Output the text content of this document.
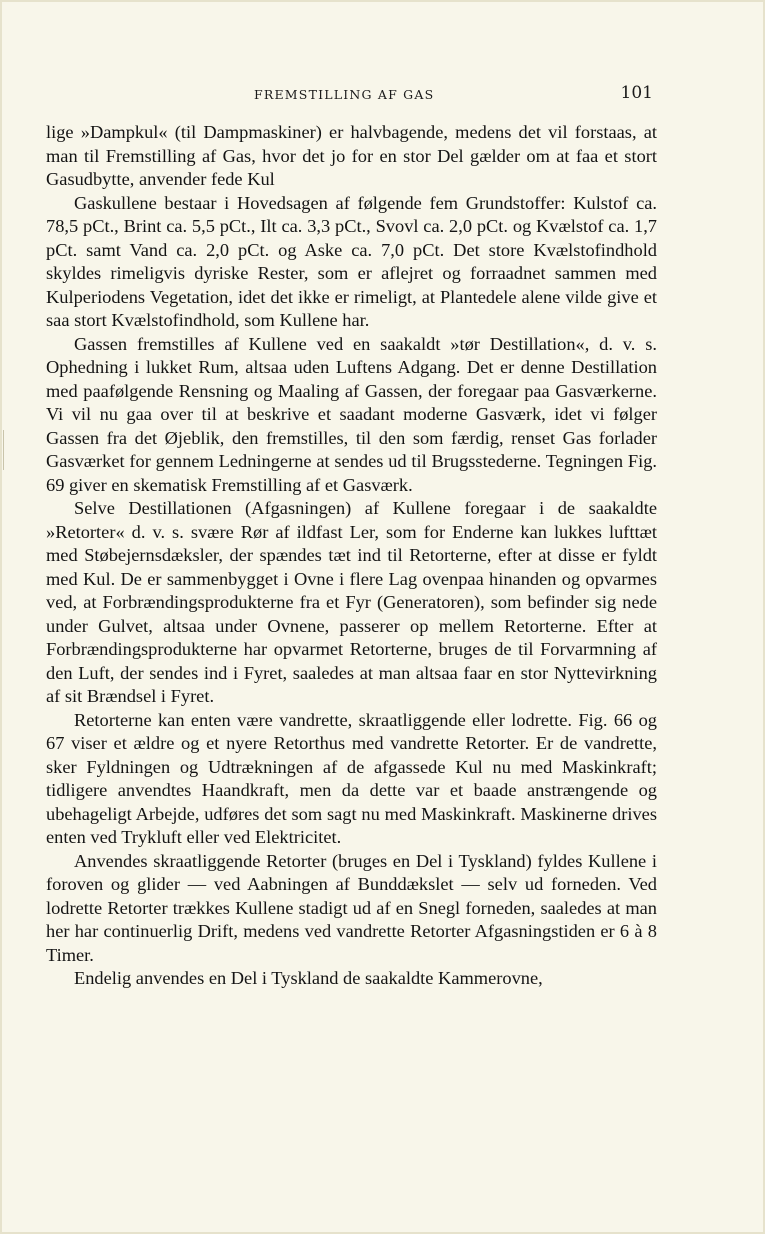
FREMSTILLING AF GAS	101

lige »Dampkul« (til Dampmaskiner) er halvbagende, medens det vil forstaas, at man til Fremstilling af Gas, hvor det jo for en stor Del gælder om at faa et stort Gasudbytte, anvender fede Kul

Gaskullene bestaar i Hovedsagen af følgende fem Grundstoffer: Kulstof ca. 78,5 pCt., Brint ca. 5,5 pCt., Ilt ca. 3,3 pCt., Svovl ca. 2,0 pCt. og Kvælstof ca. 1,7 pCt. samt Vand ca. 2,0 pCt. og Aske ca. 7,0 pCt. Det store Kvælstofindhold skyldes rimeligvis dyriske Rester, som er aflejret og forraadnet sammen med Kulperiodens Vegetation, idet det ikke er rimeligt, at Plantedele alene vilde give et saa stort Kvælstofindhold, som Kullene har.

Gassen fremstilles af Kullene ved en saakaldt »tør Destillation«, d. v. s. Ophedning i lukket Rum, altsaa uden Luftens Adgang. Det er denne Destillation med paafølgende Rensning og Maaling af Gassen, der foregaar paa Gasværkerne. Vi vil nu gaa over til at beskrive et saadant moderne Gasværk, idet vi følger Gassen fra det Øjeblik, den fremstilles, til den som færdig, renset Gas forlader Gasværket for gennem Ledningerne at sendes ud til Brugsstederne. Tegningen Fig. 69 giver en skematisk Fremstilling af et Gasværk.

Selve Destillationen (Afgasningen) af Kullene foregaar i de saakaldte »Retorter« d. v. s. svære Rør af ildfast Ler, som for Enderne kan lukkes lufttæt med Støbejernsdæksler, der spændes tæt ind til Retorterne, efter at disse er fyldt med Kul. De er sammenbygget i Ovne i flere Lag ovenpaa hinanden og opvarmes ved, at Forbrændingsprodukterne fra et Fyr (Generatoren), som befinder sig nede under Gulvet, altsaa under Ovnene, passerer op mellem Retorterne. Efter at Forbrændingsprodukterne har opvarmet Retorterne, bruges de til Forvarmning af den Luft, der sendes ind i Fyret, saaledes at man altsaa faar en stor Nyttevirkning af sit Brændsel i Fyret.

Retorterne kan enten være vandrette, skraatliggende eller lodrette. Fig. 66 og 67 viser et ældre og et nyere Retorthus med vandrette Retorter. Er de vandrette, sker Fyldningen og Udtrækningen af de afgassede Kul nu med Maskinkraft; tidligere anvendtes Haandkraft, men da dette var et baade anstrængende og ubehageligt Arbejde, udføres det som sagt nu med Maskinkraft. Maskinerne drives enten ved Trykluft eller ved Elektricitet.

Anvendes skraatliggende Retorter (bruges en Del i Tyskland) fyldes Kullene i foroven og glider — ved Aabningen af Bunddækslet — selv ud forneden. Ved lodrette Retorter trækkes Kullene stadigt ud af en Snegl forneden, saaledes at man her har continuerlig Drift, medens ved vandrette Retorter Afgasningstiden er 6 à 8 Timer.

Endelig anvendes en Del i Tyskland de saakaldte Kammerovne,
